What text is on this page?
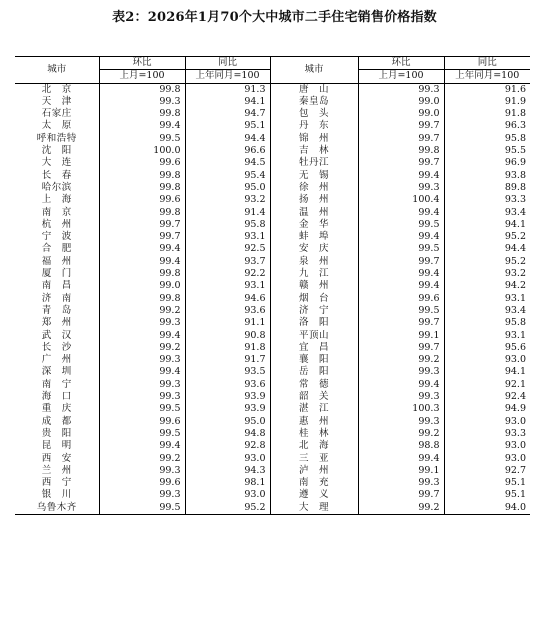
表2：2026年1月70个大中城市二手住宅销售价格指数
城市	环比	同比	城市	环比	同比
	上月=100	上年同月=100		上月=100	上年同月=100
北　京	99.8	91.3	唐　山	99.3	91.6
天　津	99.3	94.1	秦皇岛	99.0	91.9
石家庄	99.8	94.7	包　头	99.0	91.8
太　原	99.4	95.1	丹　东	99.7	96.3
呼和浩特	99.5	94.4	锦　州	99.7	95.8
沈　阳	100.0	96.6	吉　林	99.8	95.5
大　连	99.6	94.5	牡丹江	99.7	96.9
长　春	99.8	95.4	无　锡	99.4	93.8
哈尔滨	99.8	95.0	徐　州	99.3	89.8
上　海	99.6	93.2	扬　州	100.4	93.3
南　京	99.8	91.4	温　州	99.4	93.4
杭　州	99.7	95.8	金　华	99.5	94.1
宁　波	99.7	93.1	蚌　埠	99.4	95.2
合　肥	99.4	92.5	安　庆	99.5	94.4
福　州	99.4	93.7	泉　州	99.7	95.2
厦　门	99.8	92.2	九　江	99.4	93.2
南　昌	99.0	93.1	赣　州	99.4	94.2
济　南	99.8	94.6	烟　台	99.6	93.1
青　岛	99.2	93.6	济　宁	99.5	93.4
郑　州	99.3	91.1	洛　阳	99.7	95.8
武　汉	99.4	90.8	平顶山	99.1	93.1
长　沙	99.2	91.8	宜　昌	99.7	95.6
广　州	99.3	91.7	襄　阳	99.2	93.0
深　圳	99.4	93.5	岳　阳	99.3	94.1
南　宁	99.3	93.6	常　德	99.4	92.1
海　口	99.3	93.9	韶　关	99.3	92.4
重　庆	99.5	93.9	湛　江	100.3	94.9
成　都	99.6	95.0	惠　州	99.3	93.0
贵　阳	99.5	94.8	桂　林	99.2	93.3
昆　明	99.4	92.8	北　海	98.8	93.0
西　安	99.2	93.0	三　亚	99.4	93.0
兰　州	99.3	94.3	泸　州	99.1	92.7
西　宁	99.6	98.1	南　充	99.3	95.1
银　川	99.3	93.0	遵　义	99.7	95.1
乌鲁木齐	99.5	95.2	大　理	99.2	94.0
